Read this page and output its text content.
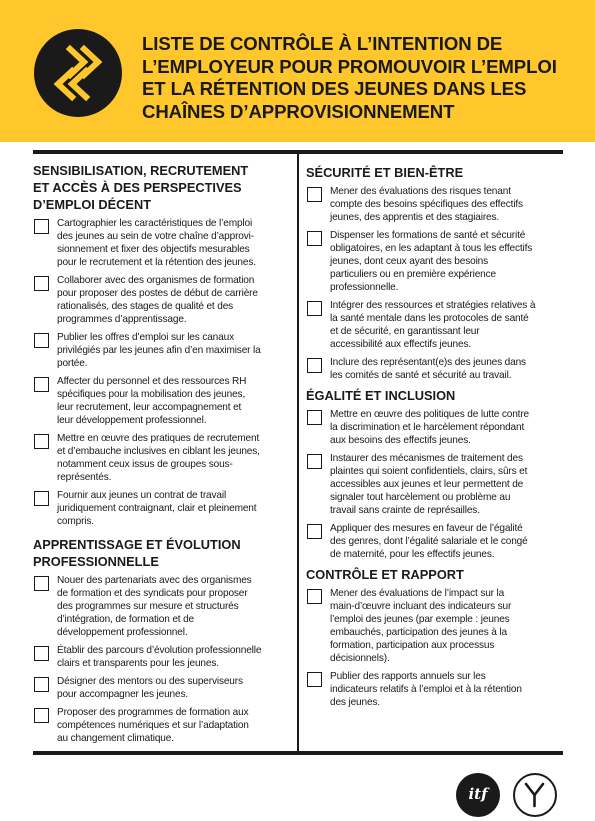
LISTE DE CONTRÔLE À L’INTENTION DE
L’EMPLOYEUR POUR PROMOUVOIR L’EMPLOI
ET LA RÉTENTION DES JEUNES DANS LES
CHAÎNES D’APPROVISIONNEMENT
SENSIBILISATION, RECRUTEMENT
ET ACCÈS À DES PERSPECTIVES
D’EMPLOI DÉCENT
Cartographier les caractéristiques de l’emploi
des jeunes au sein de votre chaîne d’approvi-
sionnement et fixer des objectifs mesurables
pour le recrutement et la rétention des jeunes.
Collaborer avec des organismes de formation
pour proposer des postes de début de carrière
rationalisés, des stages de qualité et des
programmes d’apprentissage.
Publier les offres d’emploi sur les canaux
privilégiés par les jeunes afin d’en maximiser la
portée.
Affecter du personnel et des ressources RH
spécifiques pour la mobilisation des jeunes,
leur recrutement, leur accompagnement et
leur développement professionnel.
Mettre en œuvre des pratiques de recrutement
et d’embauche inclusives en ciblant les jeunes,
notamment ceux issus de groupes sous-
représentés.
Fournir aux jeunes un contrat de travail
juridiquement contraignant, clair et pleinement
compris.
APPRENTISSAGE ET ÉVOLUTION
PROFESSIONNELLE
Nouer des partenariats avec des organismes
de formation et des syndicats pour proposer
des programmes sur mesure et structurés
d’intégration, de formation et de
développement professionnel.
Établir des parcours d’évolution professionnelle
clairs et transparents pour les jeunes.
Désigner des mentors ou des superviseurs
pour accompagner les jeunes.
Proposer des programmes de formation aux
compétences numériques et sur l’adaptation
au changement climatique.
SÉCURITÉ ET BIEN-ÊTRE
Mener des évaluations des risques tenant
compte des besoins spécifiques des effectifs
jeunes, des apprentis et des stagiaires.
Dispenser les formations de santé et sécurité
obligatoires, en les adaptant à tous les effectifs
jeunes, dont ceux ayant des besoins
particuliers ou en première expérience
professionnelle.
Intégrer des ressources et stratégies relatives à
la santé mentale dans les protocoles de santé
et de sécurité, en garantissant leur
accessibilité aux effectifs jeunes.
Inclure des représentant(e)s des jeunes dans
les comités de santé et sécurité au travail.
ÉGALITÉ ET INCLUSION
Mettre en œuvre des politiques de lutte contre
la discrimination et le harcèlement répondant
aux besoins des effectifs jeunes.
Instaurer des mécanismes de traitement des
plaintes qui soient confidentiels, clairs, sûrs et
accessibles aux jeunes et leur permettent de
signaler tout harcèlement ou problème au
travail sans crainte de représailles.
Appliquer des mesures en faveur de l’égalité
des genres, dont l’égalité salariale et le congé
de maternité, pour les effectifs jeunes.
CONTRÔLE ET RAPPORT
Mener des évaluations de l’impact sur la
main-d’œuvre incluant des indicateurs sur
l’emploi des jeunes (par exemple : jeunes
embauchés, participation des jeunes à la
formation, participation aux processus
décisionnels).
Publier des rapports annuels sur les
indicateurs relatifs à l’emploi et à la rétention
des jeunes.
itf
